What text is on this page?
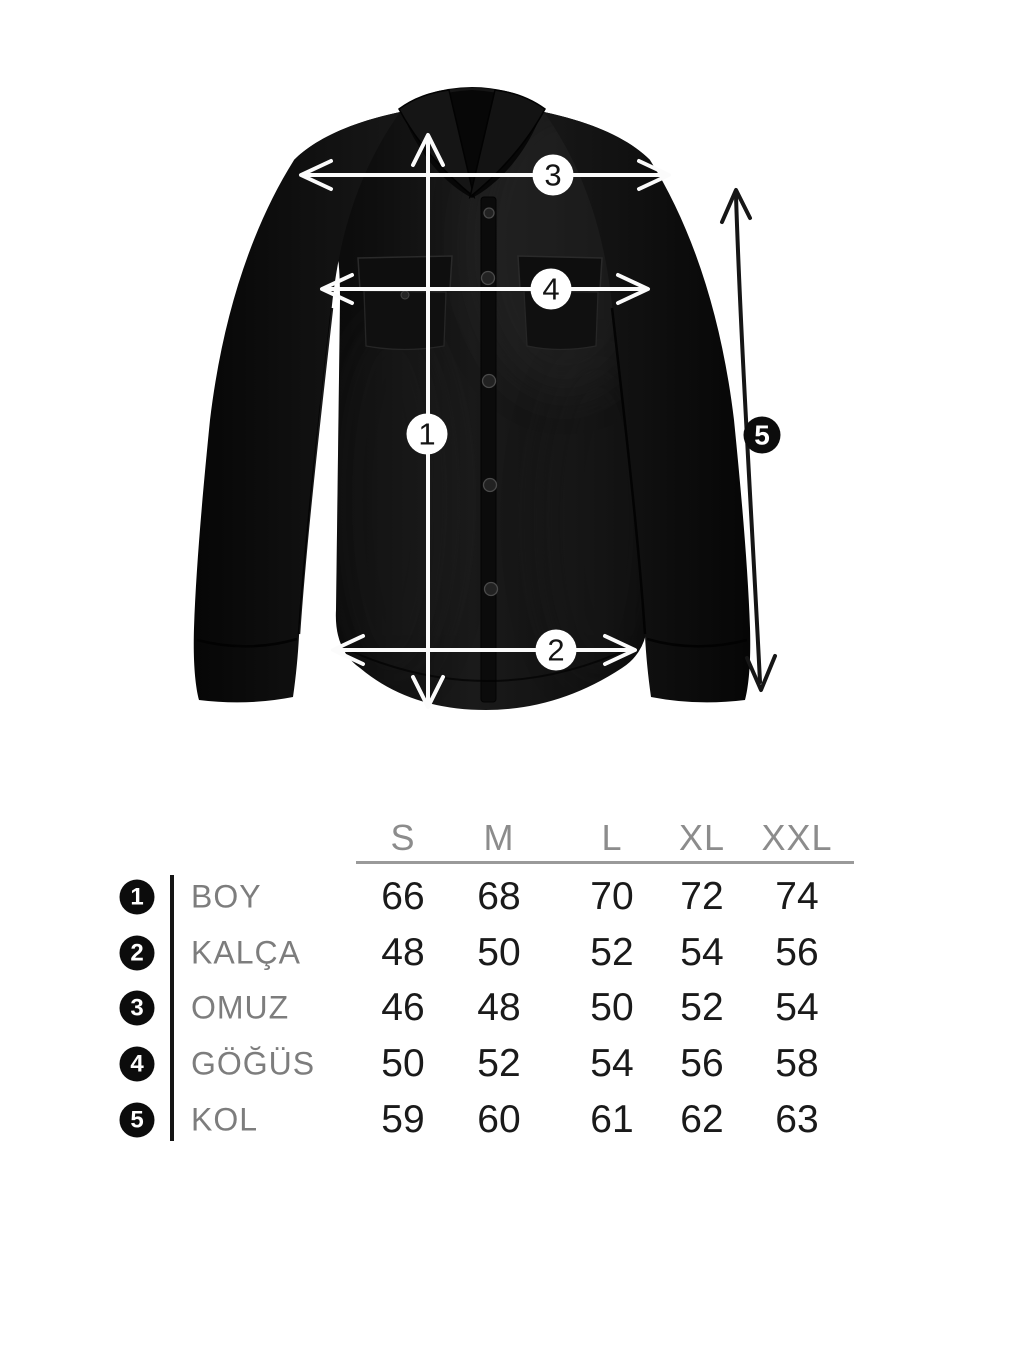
1
2
3
4
5
S M L XL XXL
1	BOY	66 68 70 72 74
2	KALÇA 48 50 52 54 56
3	OMUZ 46 48 50 52 54
4	GÖĞÜS 50 52 54 56 58
5	KOL	59 60 61 62 63
